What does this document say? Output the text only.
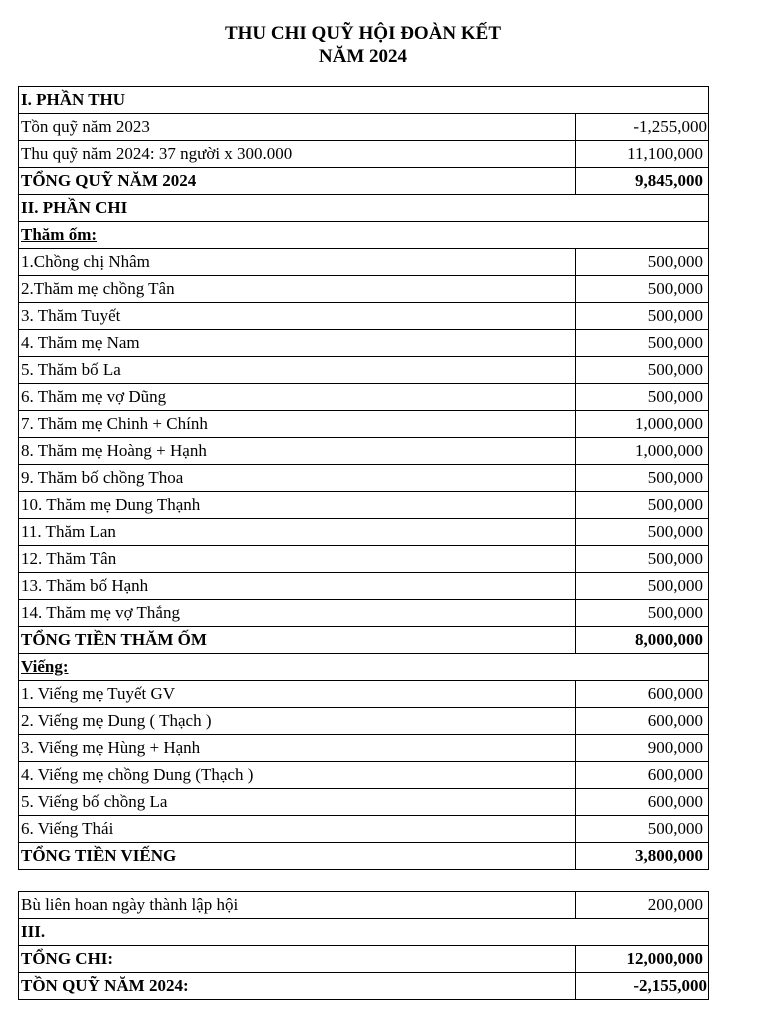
THU CHI QUỸ HỘI ĐOÀN KẾT
NĂM 2024
I. PHẦN THU	
Tồn quỹ năm 2023	-1,255,000
Thu quỹ năm 2024: 37 người x 300.000	11,100,000
TỔNG QUỸ NĂM 2024	9,845,000
II. PHẦN CHI	
Thăm ốm:	
1.Chồng chị Nhâm	500,000
2.Thăm mẹ chồng Tân	500,000
3. Thăm Tuyết	500,000
4. Thăm mẹ Nam	500,000
5. Thăm bố La	500,000
6. Thăm mẹ vợ Dũng	500,000
7. Thăm mẹ Chinh + Chính	1,000,000
8. Thăm mẹ Hoàng + Hạnh	1,000,000
9. Thăm bố chồng Thoa	500,000
10. Thăm mẹ Dung Thạnh	500,000
11. Thăm Lan	500,000
12. Thăm Tân	500,000
13. Thăm bố Hạnh	500,000
14. Thăm mẹ vợ Thắng	500,000
TỔNG TIỀN THĂM ỐM	8,000,000
Viếng:	
1. Viếng mẹ Tuyết GV	600,000
2. Viếng mẹ Dung ( Thạch )	600,000
3. Viếng mẹ Hùng + Hạnh	900,000
4. Viếng mẹ chồng Dung (Thạch )	600,000
5. Viếng bố chồng La	600,000
6. Viếng Thái	500,000
TỔNG TIỀN VIẾNG	3,800,000
Bù liên hoan ngày thành lập hội	200,000
III.	
TỔNG CHI:	12,000,000
TỒN QUỸ NĂM 2024:	-2,155,000
